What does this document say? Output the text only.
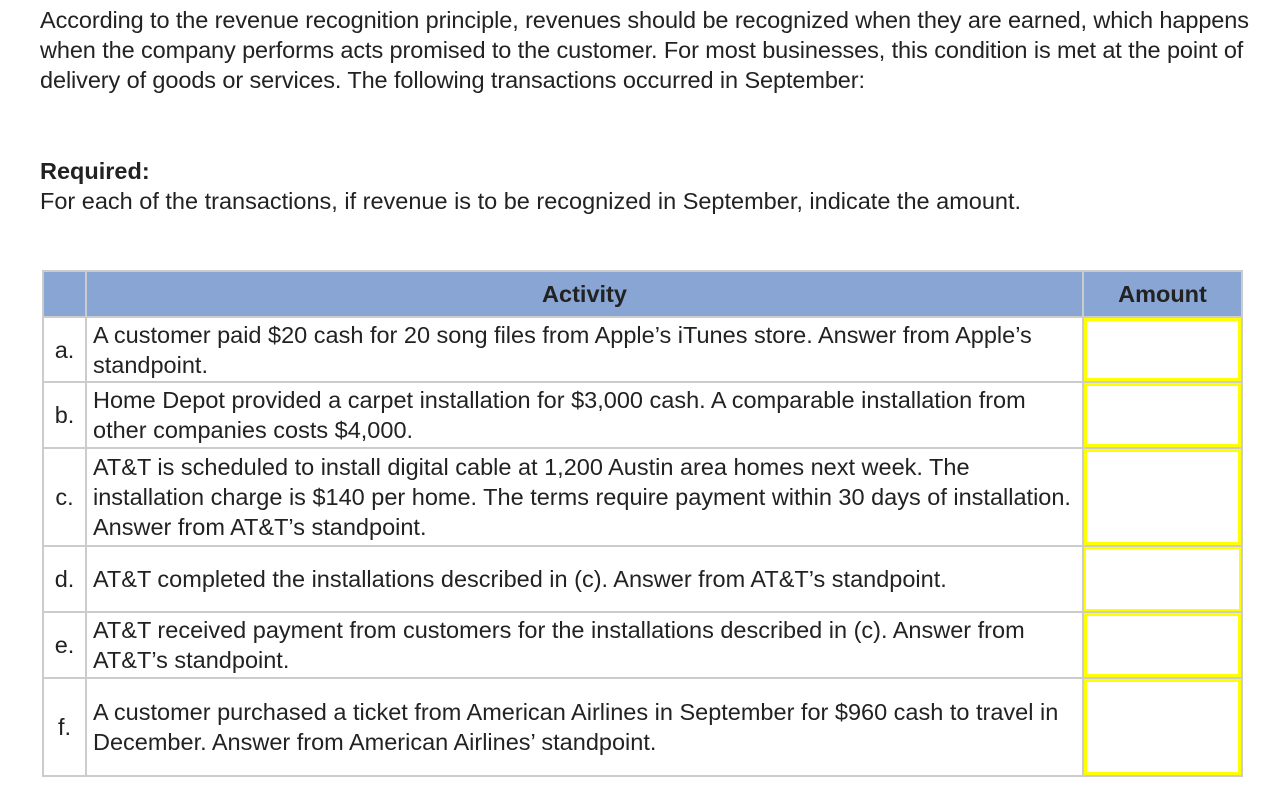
According to the revenue recognition principle, revenues should be recognized when they are earned, which happens when the company performs acts promised to the customer. For most businesses, this condition is met at the point of delivery of goods or services. The following transactions occurred in September:

Required:

For each of the transactions, if revenue is to be recognized in September, indicate the amount.

	Activity	Amount
a.	A customer paid $20 cash for 20 song files from Apple’s iTunes store. Answer from Apple’s standpoint.	

b.	Home Depot provided a carpet installation for $3,000 cash. A comparable installation from other companies costs $4,000.	

c.	AT&T is scheduled to install digital cable at 1,200 Austin area homes next week. The installation charge is $140 per home. The terms require payment within 30 days of installation. Answer from AT&T’s standpoint.	

d.	AT&T completed the installations described in (c). Answer from AT&T’s standpoint.	

e.	AT&T received payment from customers for the installations described in (c). Answer from AT&T’s standpoint.	

f.	A customer purchased a ticket from American Airlines in September for $960 cash to travel in December. Answer from American Airlines’ standpoint.	
